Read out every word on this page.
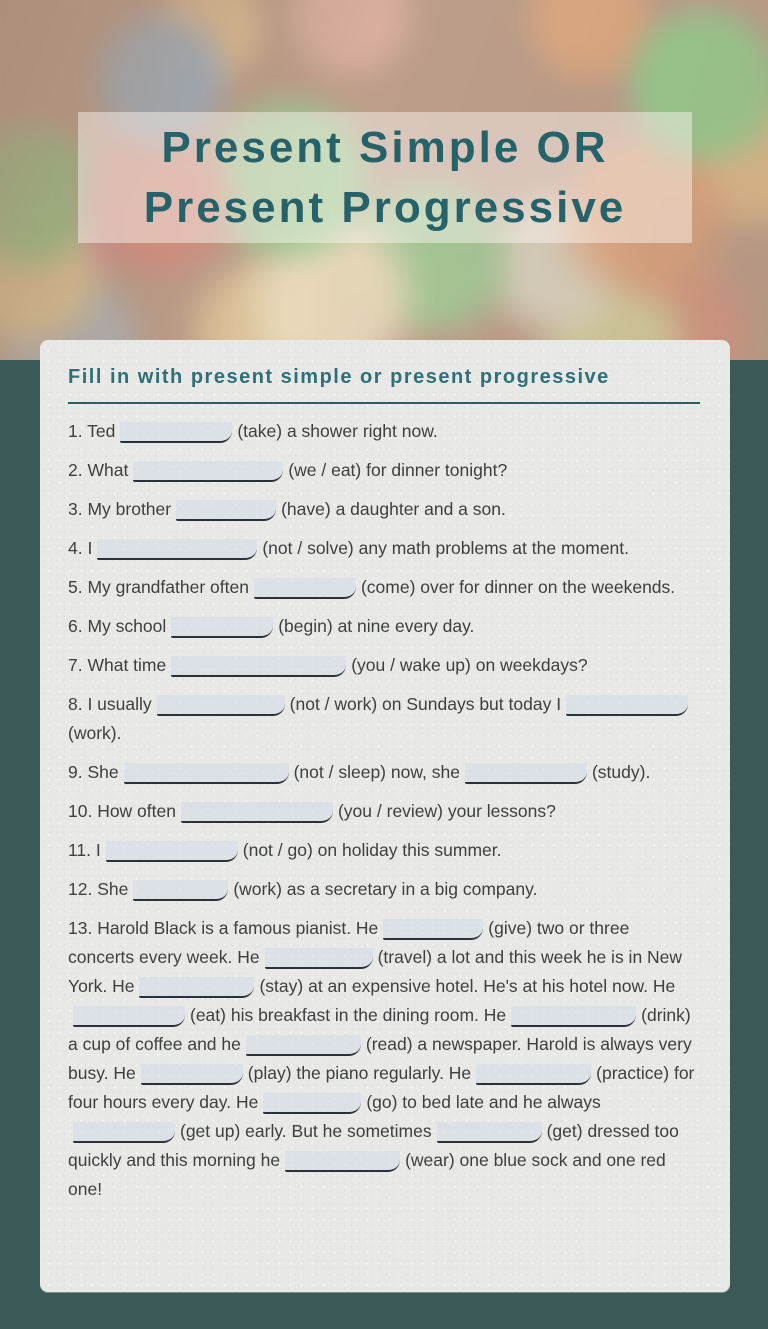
Present Simple OR
Present Progressive
Fill in with present simple or present progressive

1. Ted	(take) a shower right now.

2. What	(we / eat) for dinner tonight?

3. My brother	(have) a daughter and a son.

4. I	(not / solve) any math problems at the moment.

5. My grandfather often	(come) over for dinner on the weekends.

6. My school	(begin) at nine every day.

7. What time	(you / wake up) on weekdays?

8. I usually	(not / work) on Sundays but today I(work).

9. She	(not / sleep) now, she	(study).

10. How often	(you / review) your lessons?

11. I	(not / go) on holiday this summer.

12. She	(work) as a secretary in a big company.

13. Harold Black is a famous pianist. He	(give) two or three concerts every week. He	(travel) a lot and this week he is in New York. He	(stay) at an expensive hotel. He's at his hotel now. He(eat) his breakfast in the dining room. He	(drink) a cup of coffee and he	(read) a newspaper. Harold is always very busy. He	(play) the piano regularly. He	(practice) for four hours every day. He	(go) to bed late and he always(get up) early. But he sometimes	(get) dressed too quickly and this morning he	(wear) one blue sock and one red one!
